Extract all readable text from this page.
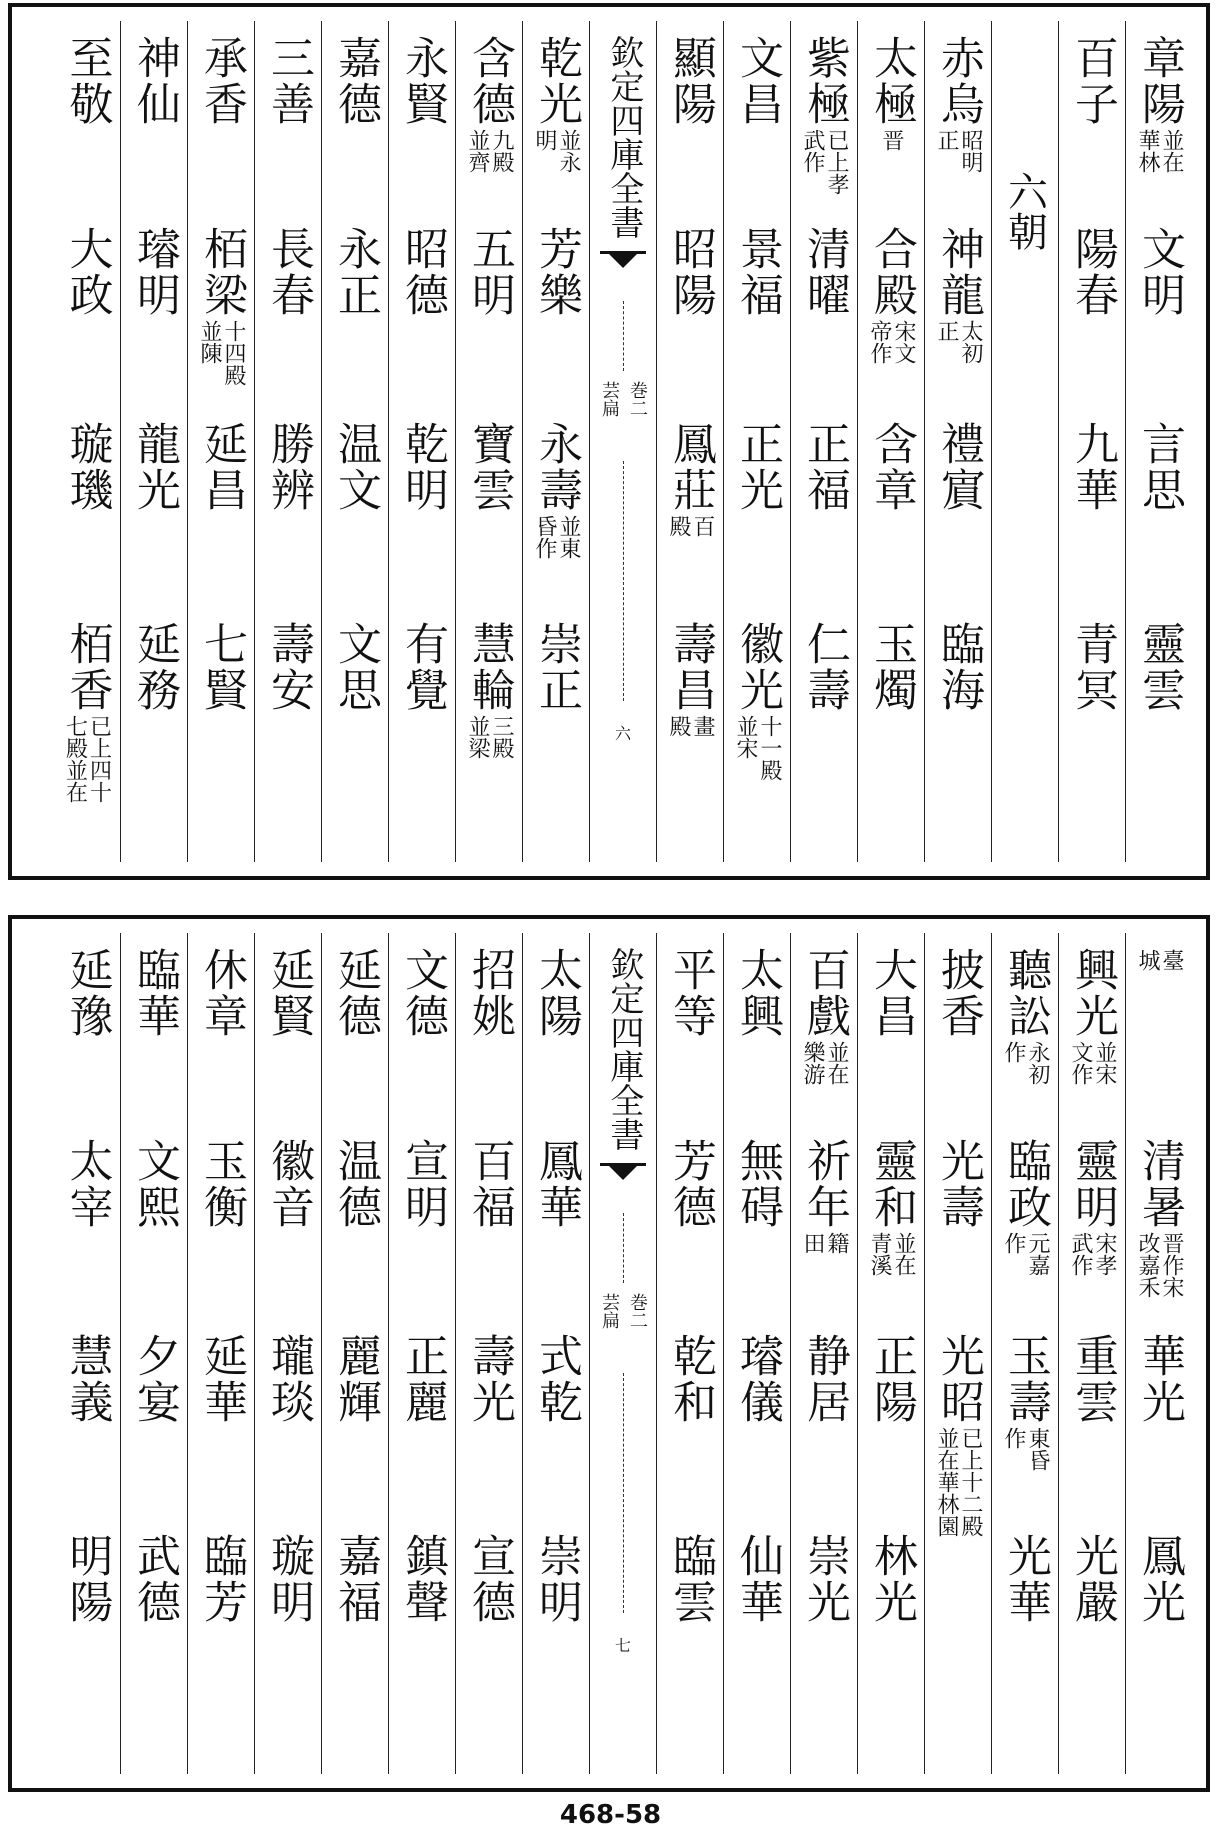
章陽
並在
華林
文明
言思
靈雲
百子
陽春
九華
青冥
六朝
赤烏
昭明
正
神龍
太初
正
禮賔
臨海
太極
晋
合殿
宋文
帝作
含章
玉燭
紫極
已上孝
武作
清曜
正福
仁壽
文昌
景福
正光
徽光
十一殿
並宋
顯陽
昭陽
鳳莊
百
殿
壽昌
畫
殿
欽定四庫全書
巻二
芸扁
六
乾光
並永
明
芳樂
永壽
並東
昏作
崇正
含德
九殿
並齊
五明
寶雲
慧輪
三殿
並梁
永賢
昭德
乾明
有覺
嘉德
永正
温文
文思
三善
長春
勝辨
壽安
承香
栢梁
十四殿
並陳
延昌
七賢
神仙
璿明
龍光
延務
至敬
大政
璇璣
栢香
已上四十
七殿並在
臺
城
清暑
晋作宋
改嘉禾
華光
鳳光
興光
並宋
文作
靈明
宋孝
武作
重雲
光嚴
聽訟
永初
作
臨政
元嘉
作
玉壽
東昏
作
光華
披香
光壽
光昭
已上十二殿
並在華林園
大昌
靈和
並在
青溪
正陽
林光
百戲
並在
樂游
祈年
籍
田
静居
崇光
太興
無碍
璿儀
仙華
平等
芳德
乾和
臨雲
欽定四庫全書
巻二
芸扁
七
太陽
鳳華
式乾
崇明
招姚
百福
壽光
宣德
文德
宣明
正麗
鎮聲
延德
温德
麗輝
嘉福
延賢
徽音
瓏琰
璇明
休章
玉衡
延華
臨芳
臨華
文熙
夕宴
武德
延豫
太宰
慧義
明陽
468-58
